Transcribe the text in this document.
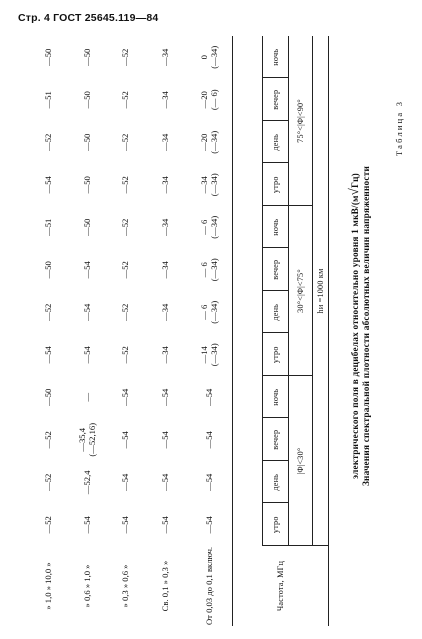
Стр. 4 ГОСТ 25645.119—84
Таблица 3
Значения спектральной плотности абсолютных величин напряженности
электрического поля в децибелах относительно уровня 1 мкВ/(м√Гц)
Частота, МГц
hи =1000 км
|Φ|<30°
30°<|Φ|<75°
75°<|Φ|<90°
утро
день
вечер
ночь
утро
день
вечер
ночь
утро
день
вечер
ночь
От 0,03 до 0,1 включ.
—54
—54
—54
—54
—14 (—34)
— 6 (—34)
— 6 (—34)
— 6 (—34)
—34 (—34)
—20 (—34)
—20 (— 6)
0 (—34)
Св. 0,1 » 0,3 »
—54
—54
—54
—54
—34
—34
—34
—34
—34
—34
—34
—34
» 0,3 » 0,6 »
—54
—54
—54
—54
—52
—52
—52
—52
—52
—52
—52
—52
» 0,6 » 1,0 »
—54
—52,4
—35,4 (—52,16)
—
—54
—54
—54
—50
—50
—50
—50
—50
» 1,0 » 10,0 »
—52
—52
—52
—50
—54
—52
—50
—51
—54
—52
—51
—50
